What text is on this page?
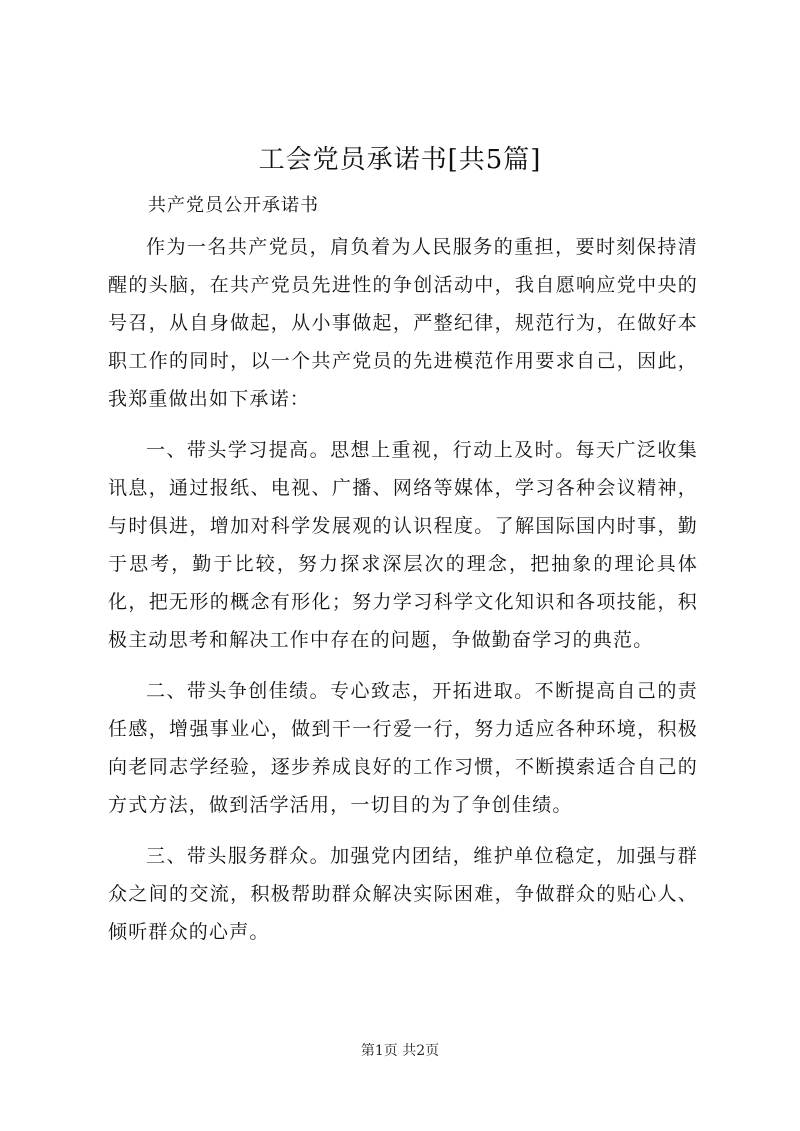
工会党员承诺书[共5篇]

共产党员公开承诺书

作为一名共产党员，肩负着为人民服务的重担，要时刻保持清醒的头脑，在共产党员先进性的争创活动中，我自愿响应党中央的号召，从自身做起，从小事做起，严整纪律，规范行为，在做好本职工作的同时，以一个共产党员的先进模范作用要求自己，因此，我郑重做出如下承诺：

一、带头学习提高。思想上重视，行动上及时。每天广泛收集讯息，通过报纸、电视、广播、网络等媒体，学习各种会议精神，与时俱进，增加对科学发展观的认识程度。了解国际国内时事，勤于思考，勤于比较，努力探求深层次的理念，把抽象的理论具体化，把无形的概念有形化；努力学习科学文化知识和各项技能，积极主动思考和解决工作中存在的问题，争做勤奋学习的典范。

二、带头争创佳绩。专心致志，开拓进取。不断提高自己的责任感，增强事业心，做到干一行爱一行，努力适应各种环境，积极向老同志学经验，逐步养成良好的工作习惯，不断摸索适合自己的方式方法，做到活学活用，一切目的为了争创佳绩。

三、带头服务群众。加强党内团结，维护单位稳定，加强与群众之间的交流，积极帮助群众解决实际困难，争做群众的贴心人、倾听群众的心声。

第1页 共2页
